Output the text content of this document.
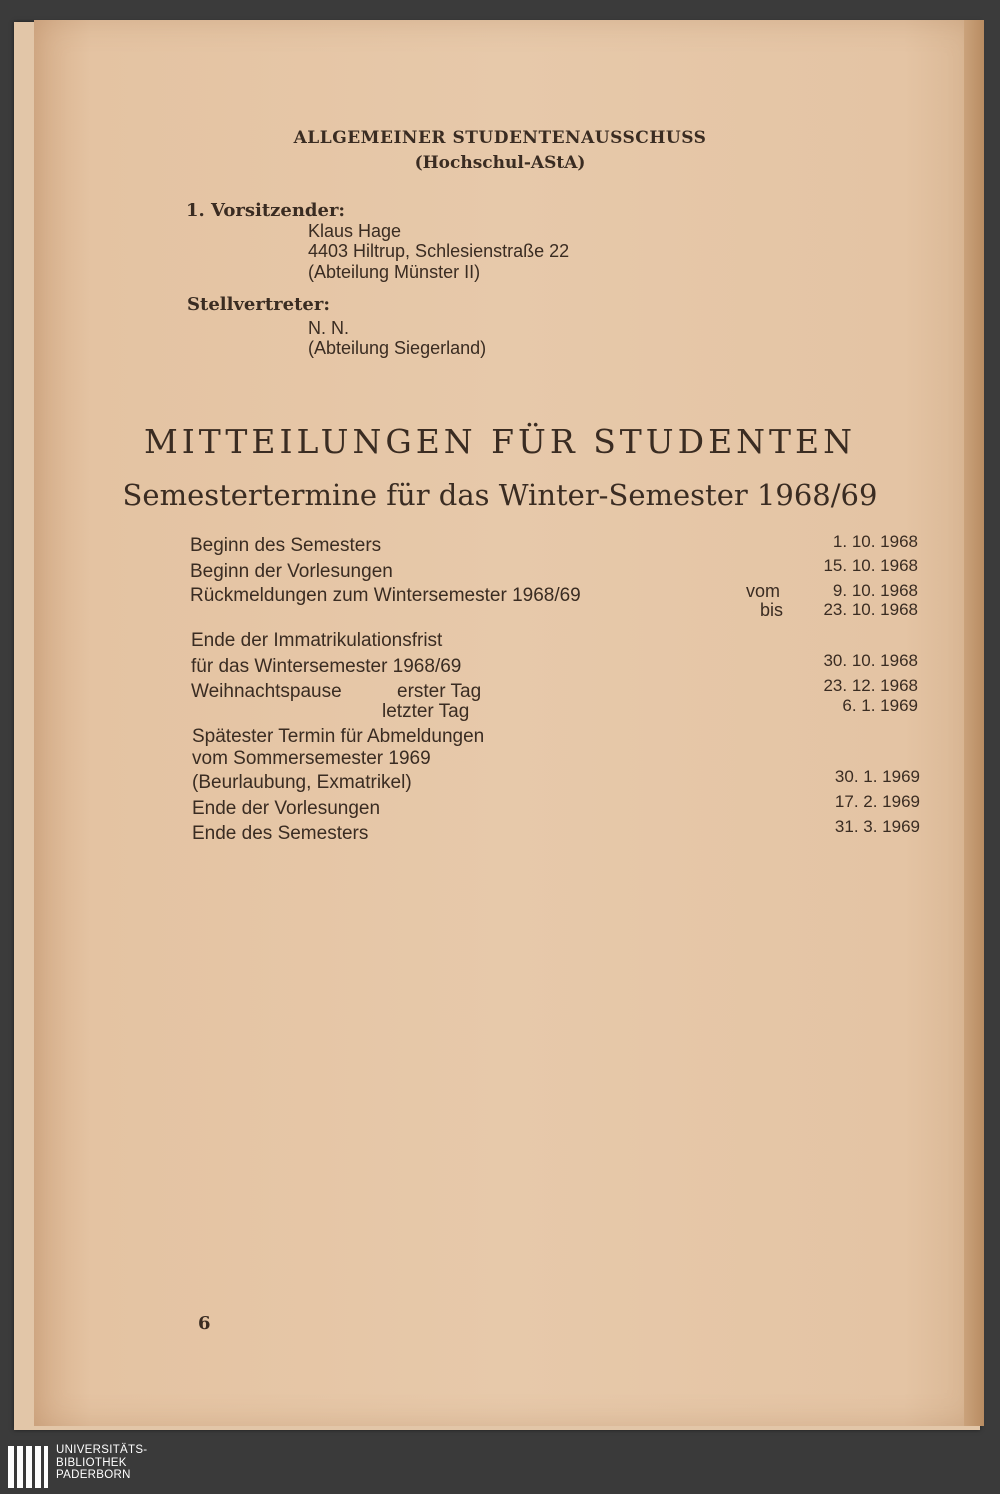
ALLGEMEINER STUDENTENAUSSCHUSS
(Hochschul-AStA)
1. Vorsitzender:
Klaus Hage
4403 Hiltrup, Schlesienstraße 22
(Abteilung Münster II)
Stellvertreter:
N. N.
(Abteilung Siegerland)
MITTEILUNGEN FÜR STUDENTEN
Semestertermine für das Winter-Semester 1968/69
Beginn des Semesters	1. 10. 1968
Beginn der Vorlesungen	15. 10. 1968
Rückmeldungen zum Wintersemester 1968/69	vom	9. 10. 1968
bis	23. 10. 1968
Ende der Immatrikulationsfrist
für das Wintersemester 1968/69	30. 10. 1968
Weihnachtspause	erster Tag	23. 12. 1968
letzter Tag	6. 1. 1969
Spätester Termin für Abmeldungen
vom Sommersemester 1969
(Beurlaubung, Exmatrikel)	30. 1. 1969
Ende der Vorlesungen	17. 2. 1969
Ende des Semesters	31. 3. 1969
6
UNIVERSITÄTS-
BIBLIOTHEK
PADERBORN
